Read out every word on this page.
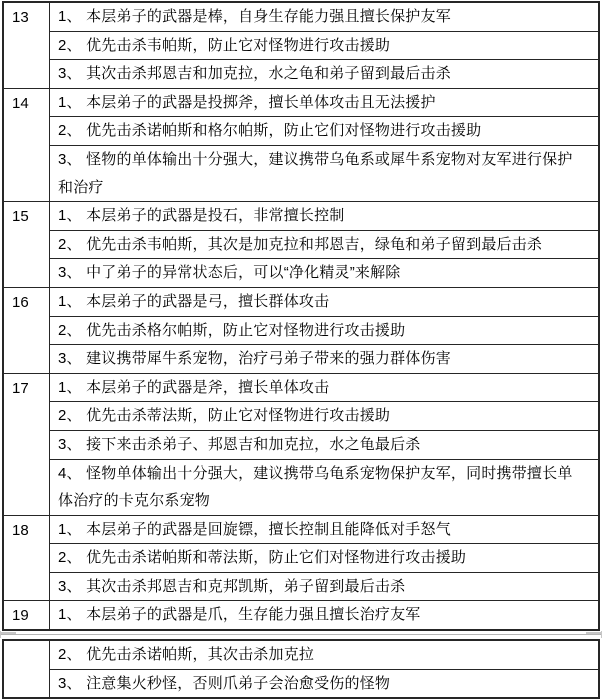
13	1、 本层弟子的武器是棒，自身生存能力强且擅长保护友军
2、 优先击杀韦帕斯，防止它对怪物进行攻击援助
3、 其次击杀邦恩吉和加克拉，水之龟和弟子留到最后击杀
14	1、 本层弟子的武器是投掷斧，擅长单体攻击且无法援护
2、 优先击杀诺帕斯和格尔帕斯，防止它们对怪物进行攻击援助
3、 怪物的单体输出十分强大，建议携带乌龟系或犀牛系宠物对友军进行保护和治疗
15	1、 本层弟子的武器是投石，非常擅长控制
2、 优先击杀韦帕斯，其次是加克拉和邦恩吉，绿龟和弟子留到最后击杀
3、 中了弟子的异常状态后，可以“净化精灵”来解除
16	1、 本层弟子的武器是弓，擅长群体攻击
2、 优先击杀格尔帕斯，防止它对怪物进行攻击援助
3、 建议携带犀牛系宠物，治疗弓弟子带来的强力群体伤害
17	1、 本层弟子的武器是斧，擅长单体攻击
2、 优先击杀蒂法斯，防止它对怪物进行攻击援助
3、 接下来击杀弟子、邦恩吉和加克拉，水之龟最后杀
4、 怪物单体输出十分强大，建议携带乌龟系宠物保护友军，同时携带擅长单体治疗的卡克尔系宠物
18	1、 本层弟子的武器是回旋镖，擅长控制且能降低对手怒气
2、 优先击杀诺帕斯和蒂法斯，防止它们对怪物进行攻击援助
3、 其次击杀邦恩吉和克邦凯斯，弟子留到最后击杀
19	1、 本层弟子的武器是爪，生存能力强且擅长治疗友军
2、 优先击杀诺帕斯，其次击杀加克拉
3、 注意集火秒怪，否则爪弟子会治愈受伤的怪物
